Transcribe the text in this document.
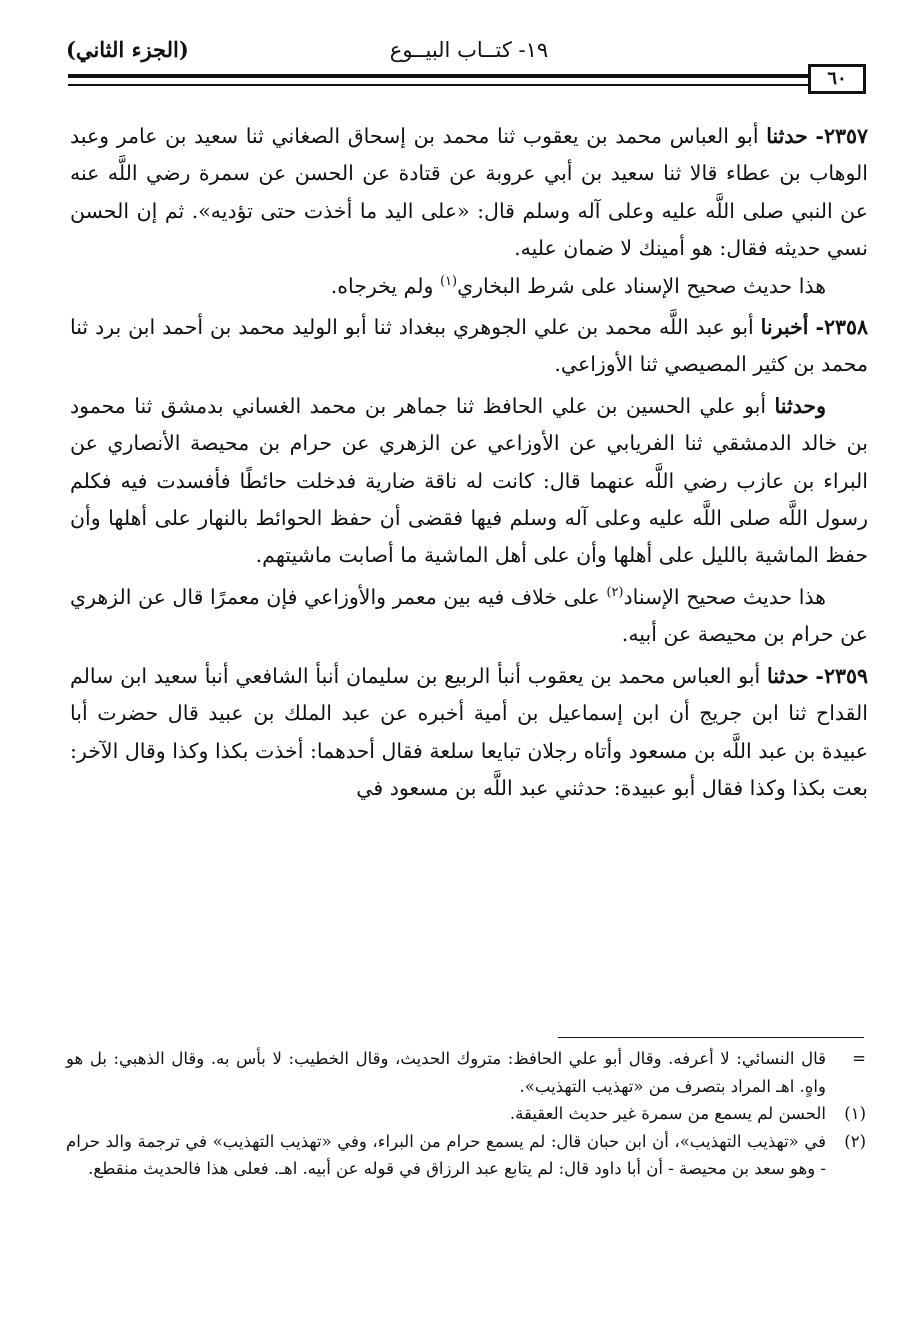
١٩- كتــاب البيــوع
(الجزء الثاني)
٦٠

٢٣٥٧- حدثنا أبو العباس محمد بن يعقوب ثنا محمد بن إسحاق الصغاني ثنا سعيد بن عامر وعبد الوهاب بن عطاء قالا ثنا سعيد بن أبي عروبة عن قتادة عن الحسن عن سمرة رضي اللَّه عنه عن النبي صلى اللَّه عليه وعلى آله وسلم قال: «على اليد ما أخذت حتى تؤديه». ثم إن الحسن نسي حديثه فقال: هو أمينك لا ضمان عليه.

هذا حديث صحيح الإسناد على شرط البخاري$^{(١)}$ ولم يخرجاه.

٢٣٥٨- أخبرنا أبو عبد اللَّه محمد بن علي الجوهري ببغداد ثنا أبو الوليد محمد بن أحمد ابن برد ثنا محمد بن كثير المصيصي ثنا الأوزاعي.

وحدثنا أبو علي الحسين بن علي الحافظ ثنا جماهر بن محمد الغساني بدمشق ثنا محمود بن خالد الدمشقي ثنا الفريابي عن الأوزاعي عن الزهري عن حرام بن محيصة الأنصاري عن البراء بن عازب رضي اللَّه عنهما قال: كانت له ناقة ضارية فدخلت حائطًا فأفسدت فيه فكلم رسول اللَّه صلى اللَّه عليه وعلى آله وسلم فيها فقضى أن حفظ الحوائط بالنهار على أهلها وأن حفظ الماشية بالليل على أهلها وأن على أهل الماشية ما أصابت ماشيتهم.

هذا حديث صحيح الإسناد$^{(٢)}$ على خلاف فيه بين معمر والأوزاعي فإن معمرًا قال عن الزهري عن حرام بن محيصة عن أبيه.

٢٣٥٩- حدثنا أبو العباس محمد بن يعقوب أنبأ الربيع بن سليمان أنبأ الشافعي أنبأ سعيد ابن سالم القداح ثنا ابن جريج أن ابن إسماعيل بن أمية أخبره عن عبد الملك بن عبيد قال حضرت أبا عبيدة بن عبد اللَّه بن مسعود وأتاه رجلان تبايعا سلعة فقال أحدهما: أخذت بكذا وكذا وقال الآخر: بعت بكذا وكذا فقال أبو عبيدة: حدثني عبد اللَّه بن مسعود في

=
قال النسائي: لا أعرفه. وقال أبو علي الحافظ: متروك الحديث، وقال الخطيب: لا بأس به. وقال الذهبي: بل هو واهٍ. اهـ المراد بتصرف من «تهذيب التهذيب».
(١)
الحسن لم يسمع من سمرة غير حديث العقيقة.
(٢)
في «تهذيب التهذيب»، أن ابن حبان قال: لم يسمع حرام من البراء، وفي «تهذيب التهذيب» في ترجمة والد حرام - وهو سعد بن محيصة - أن أبا داود قال: لم يتابع عبد الرزاق في قوله عن أبيه. اهـ. فعلى هذا فالحديث منقطع.
